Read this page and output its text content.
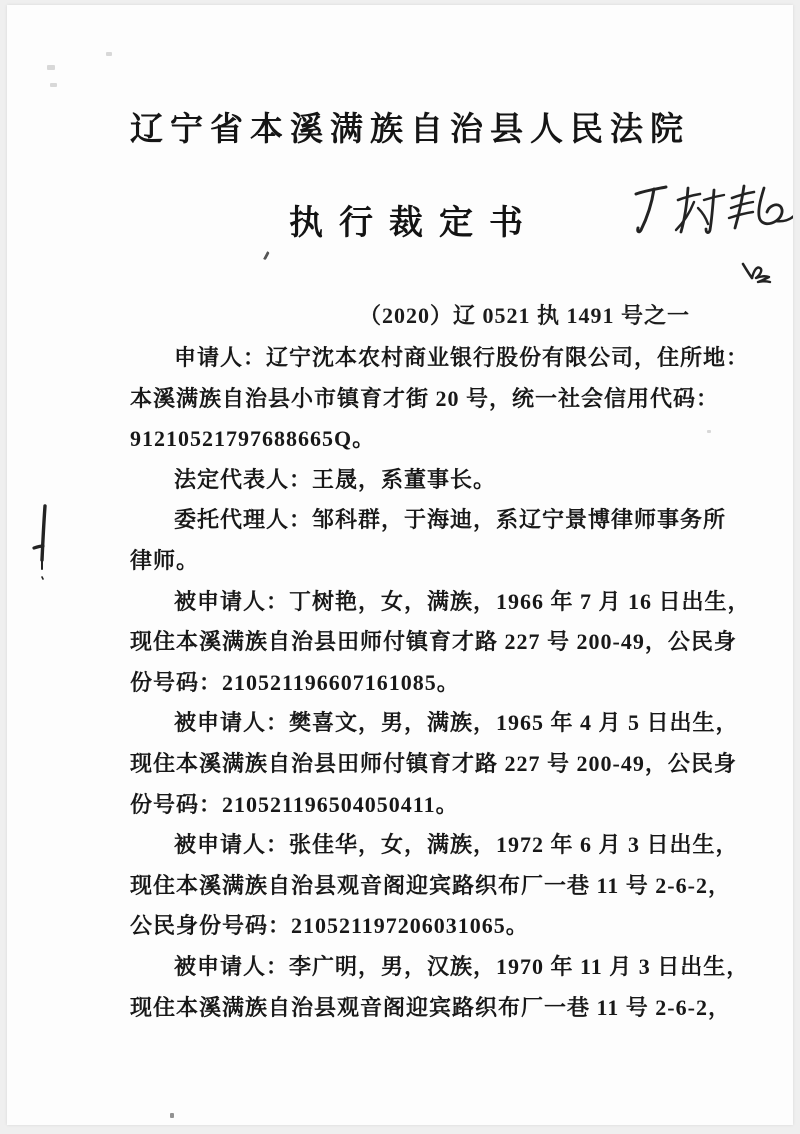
辽宁省本溪满族自治县人民法院
执行裁定书
（2020）辽 0521 执 1491 号之一
申请人：辽宁沈本农村商业银行股份有限公司，住所地：
本溪满族自治县小市镇育才街 20 号，统一社会信用代码：
91210521797688665Q。
法定代表人：王晟，系董事长。
委托代理人：邹科群，于海迪，系辽宁景博律师事务所
律师。
被申请人：丁树艳，女，满族，1966 年 7 月 16 日出生，
现住本溪满族自治县田师付镇育才路 227 号 200-49，公民身
份号码：210521196607161085。
被申请人：樊喜文，男，满族，1965 年 4 月 5 日出生，
现住本溪满族自治县田师付镇育才路 227 号 200-49，公民身
份号码：210521196504050411。
被申请人：张佳华，女，满族，1972 年 6 月 3 日出生，
现住本溪满族自治县观音阁迎宾路织布厂一巷 11 号 2-6-2，
公民身份号码：210521197206031065。
被申请人：李广明，男，汉族，1970 年 11 月 3 日出生，
现住本溪满族自治县观音阁迎宾路织布厂一巷 11 号 2-6-2，
